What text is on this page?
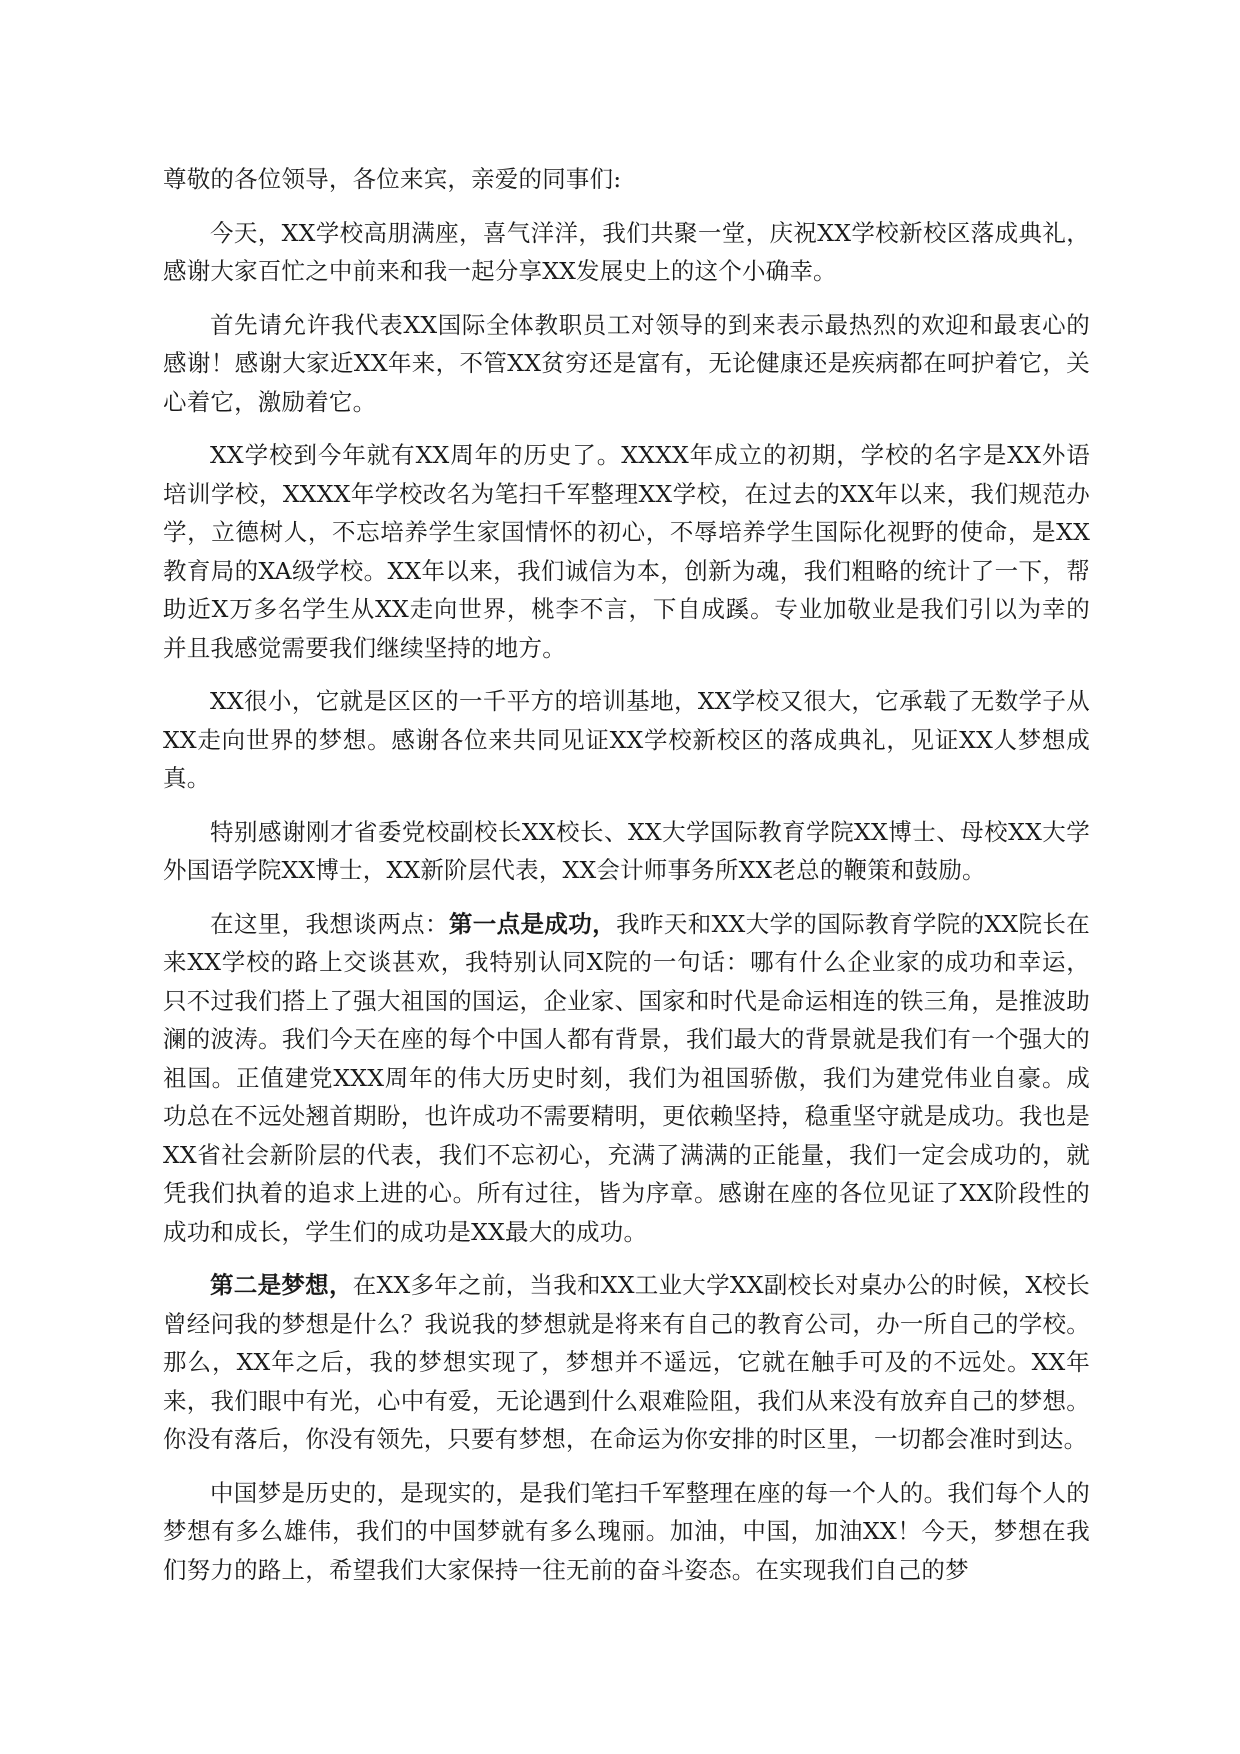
尊敬的各位领导，各位来宾，亲爱的同事们:

今天，XX学校高朋满座，喜气洋洋，我们共聚一堂，庆祝XX学校新校区落成典礼，感谢大家百忙之中前来和我一起分享XX发展史上的这个小确幸。

首先请允许我代表XX国际全体教职员工对领导的到来表示最热烈的欢迎和最衷心的感谢！感谢大家近XX年来，不管XX贫穷还是富有，无论健康还是疾病都在呵护着它，关心着它，激励着它。

XX学校到今年就有XX周年的历史了。XXXX年成立的初期，学校的名字是XX外语培训学校，XXXX年学校改名为笔扫千军整理XX学校，在过去的XX年以来，我们规范办学，立德树人，不忘培养学生家国情怀的初心，不辱培养学生国际化视野的使命，是XX教育局的XA级学校。XX年以来，我们诚信为本，创新为魂，我们粗略的统计了一下，帮助近X万多名学生从XX走向世界，桃李不言，下自成蹊。专业加敬业是我们引以为幸的并且我感觉需要我们继续坚持的地方。

XX很小，它就是区区的一千平方的培训基地，XX学校又很大，它承载了无数学子从XX走向世界的梦想。感谢各位来共同见证XX学校新校区的落成典礼，见证XX人梦想成真。

特别感谢刚才省委党校副校长XX校长、XX大学国际教育学院XX博士、母校XX大学外国语学院XX博士，XX新阶层代表，XX会计师事务所XX老总的鞭策和鼓励。

在这里，我想谈两点：第一点是成功，我昨天和XX大学的国际教育学院的XX院长在来XX学校的路上交谈甚欢，我特别认同X院的一句话：哪有什么企业家的成功和幸运，只不过我们搭上了强大祖国的国运，企业家、国家和时代是命运相连的铁三角，是推波助澜的波涛。我们今天在座的每个中国人都有背景，我们最大的背景就是我们有一个强大的祖国。正值建党XXX周年的伟大历史时刻，我们为祖国骄傲，我们为建党伟业自豪。成功总在不远处翘首期盼，也许成功不需要精明，更依赖坚持，稳重坚守就是成功。我也是XX省社会新阶层的代表，我们不忘初心，充满了满满的正能量，我们一定会成功的，就凭我们执着的追求上进的心。所有过往，皆为序章。感谢在座的各位见证了XX阶段性的成功和成长，学生们的成功是XX最大的成功。

第二是梦想，在XX多年之前，当我和XX工业大学XX副校长对桌办公的时候，X校长曾经问我的梦想是什么？我说我的梦想就是将来有自己的教育公司，办一所自己的学校。那么，XX年之后，我的梦想实现了，梦想并不遥远，它就在触手可及的不远处。XX年来，我们眼中有光，心中有爱，无论遇到什么艰难险阻，我们从来没有放弃自己的梦想。你没有落后，你没有领先，只要有梦想，在命运为你安排的时区里，一切都会准时到达。

中国梦是历史的，是现实的，是我们笔扫千军整理在座的每一个人的。我们每个人的梦想有多么雄伟，我们的中国梦就有多么瑰丽。加油，中国，加油XX！今天，梦想在我们努力的路上，希望我们大家保持一往无前的奋斗姿态。在实现我们自己的梦
